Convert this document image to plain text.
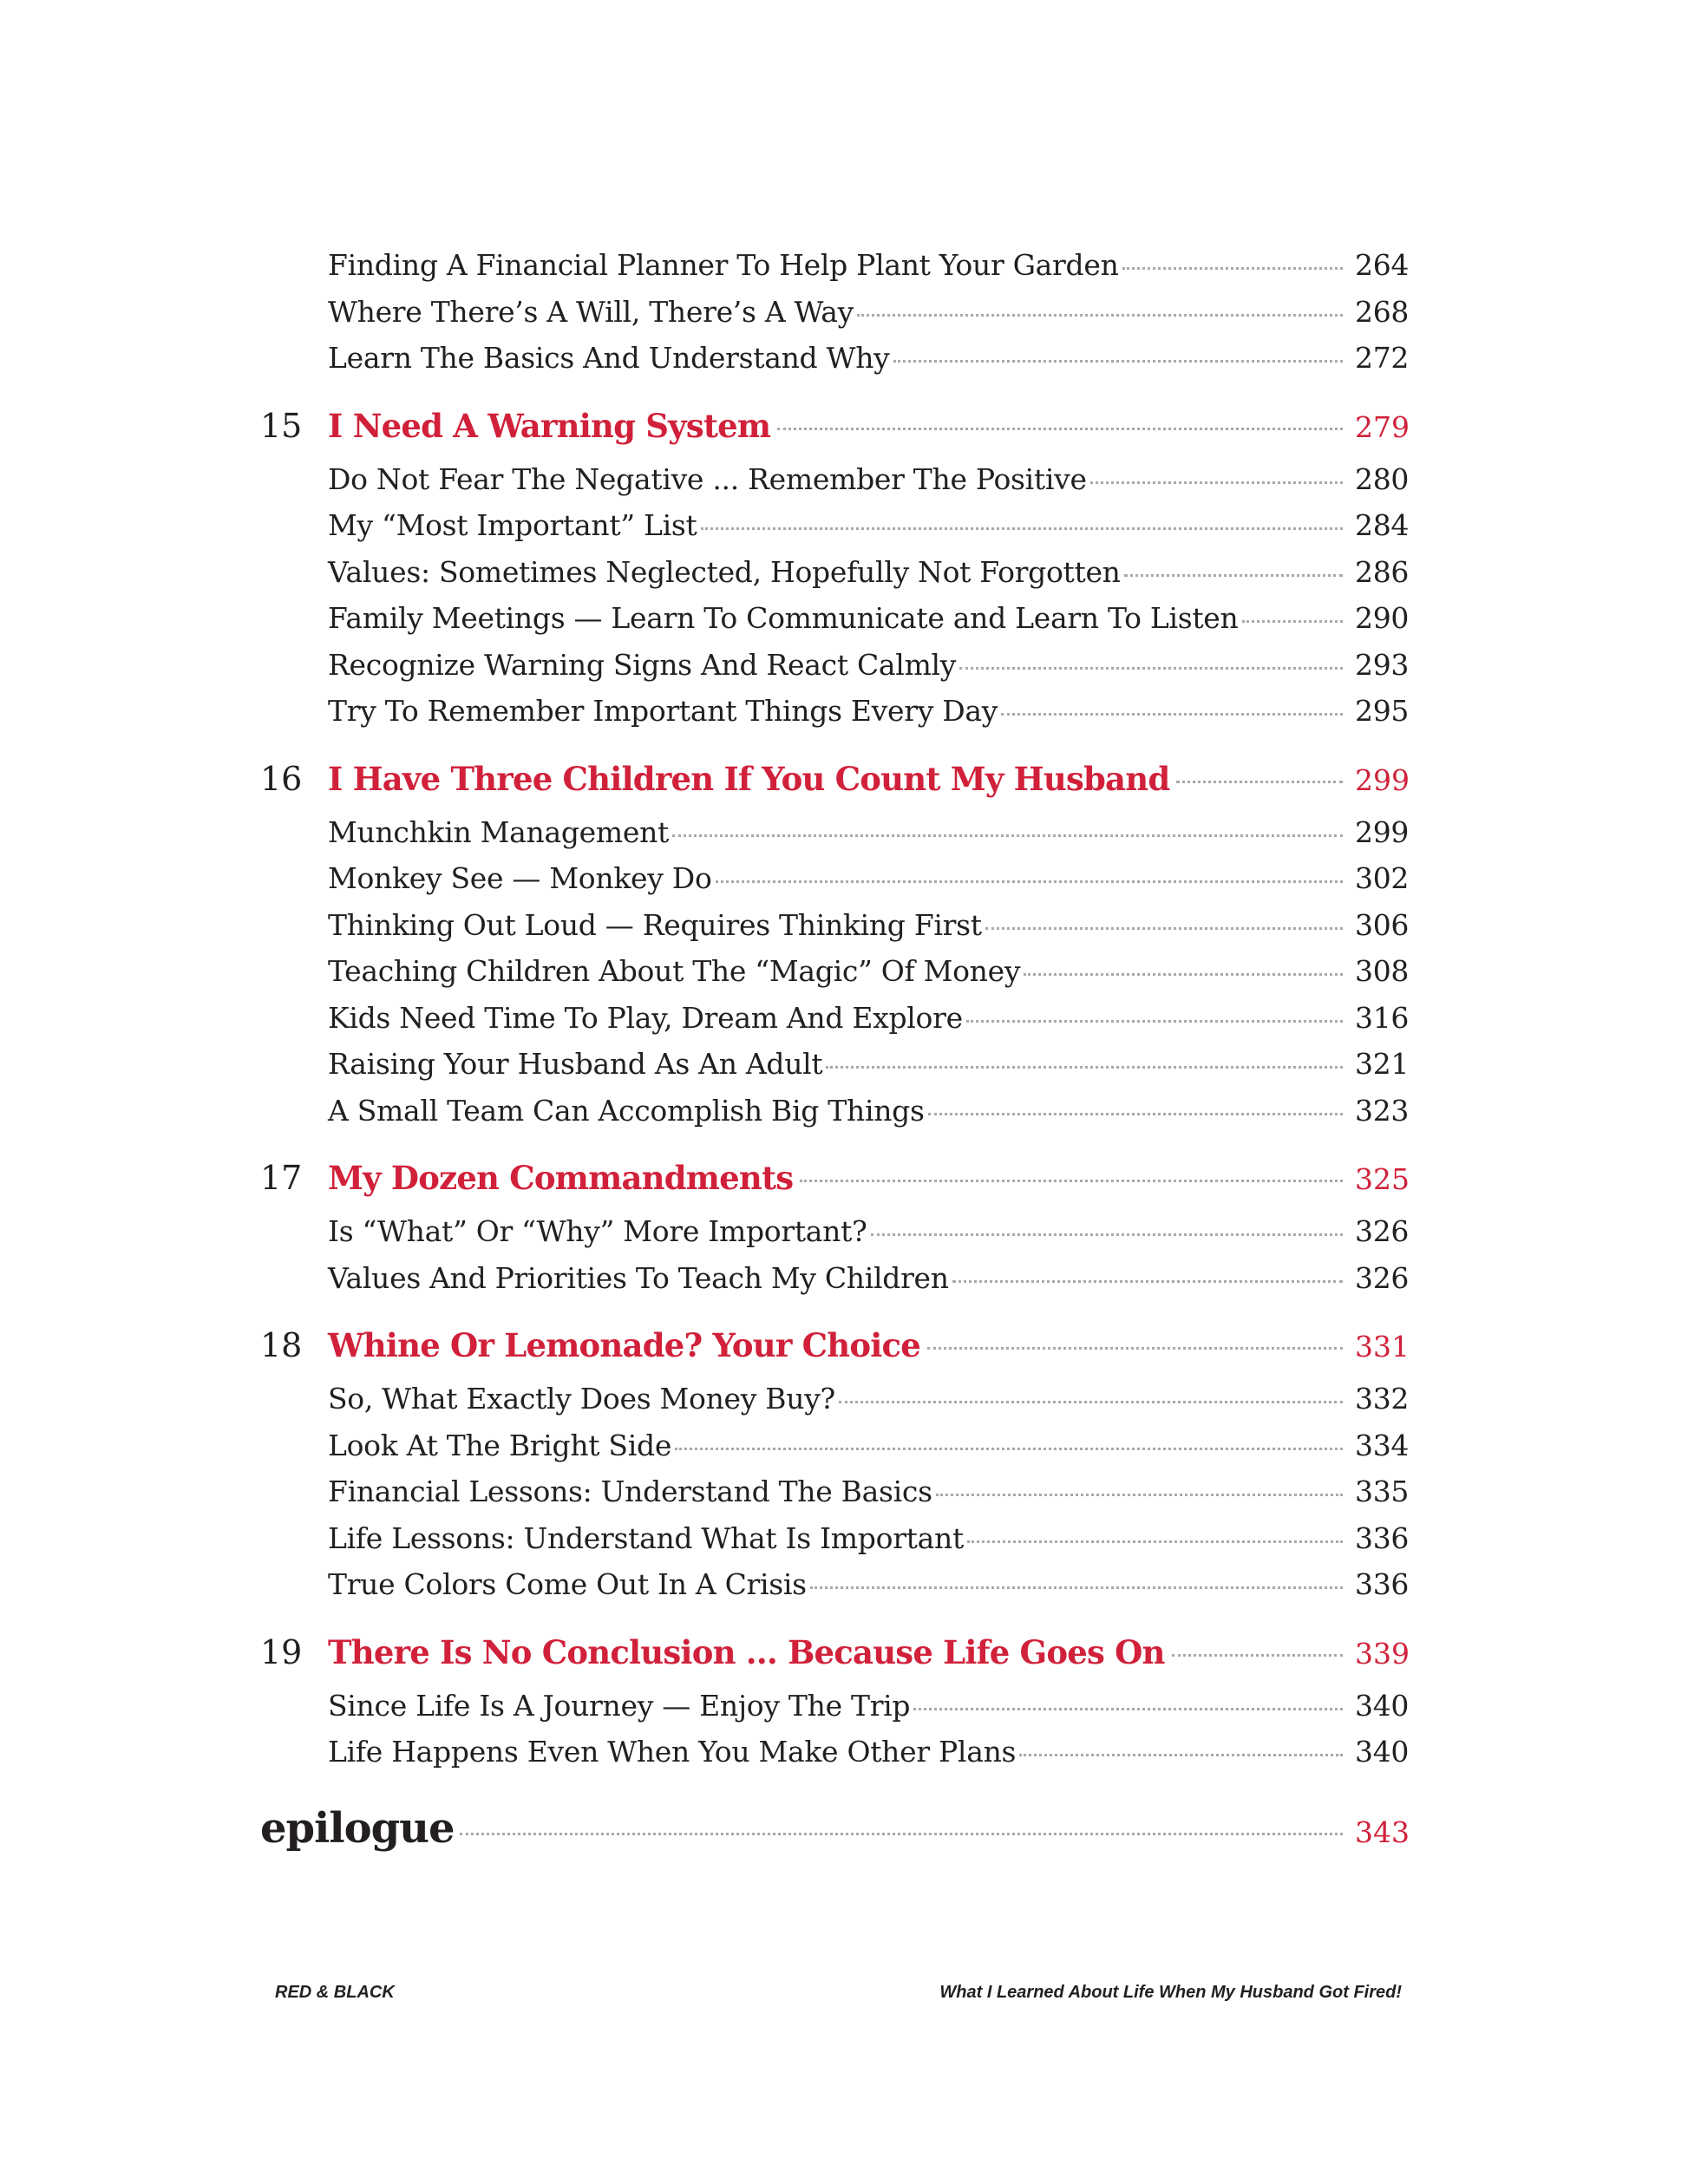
Finding A Financial Planner To Help Plant Your Garden	264
Where There’s A Will, There’s A Way	268
Learn The Basics And Understand Why	272
15 I Need A Warning System	279
Do Not Fear The Negative ... Remember The Positive	280
My “Most Important” List	284
Values: Sometimes Neglected, Hopefully Not Forgotten	286
Family Meetings — Learn To Communicate and Learn To Listen	290
Recognize Warning Signs And React Calmly	293
Try To Remember Important Things Every Day	295
16 I Have Three Children If You Count My Husband	299
Munchkin Management	299
Monkey See — Monkey Do	302
Thinking Out Loud — Requires Thinking First	306
Teaching Children About The “Magic” Of Money	308
Kids Need Time To Play, Dream And Explore	316
Raising Your Husband As An Adult	321
A Small Team Can Accomplish Big Things	323
17 My Dozen Commandments	325
Is “What” Or “Why” More Important?	326
Values And Priorities To Teach My Children	326
18 Whine Or Lemonade? Your Choice	331
So, What Exactly Does Money Buy?	332
Look At The Bright Side	334
Financial Lessons: Understand The Basics	335
Life Lessons: Understand What Is Important	336
True Colors Come Out In A Crisis	336
19 There Is No Conclusion ... Because Life Goes On	339
Since Life Is A Journey — Enjoy The Trip	340
Life Happens Even When You Make Other Plans	340
epilogue	343
RED & BLACK	What I Learned About Life When My Husband Got Fired!
